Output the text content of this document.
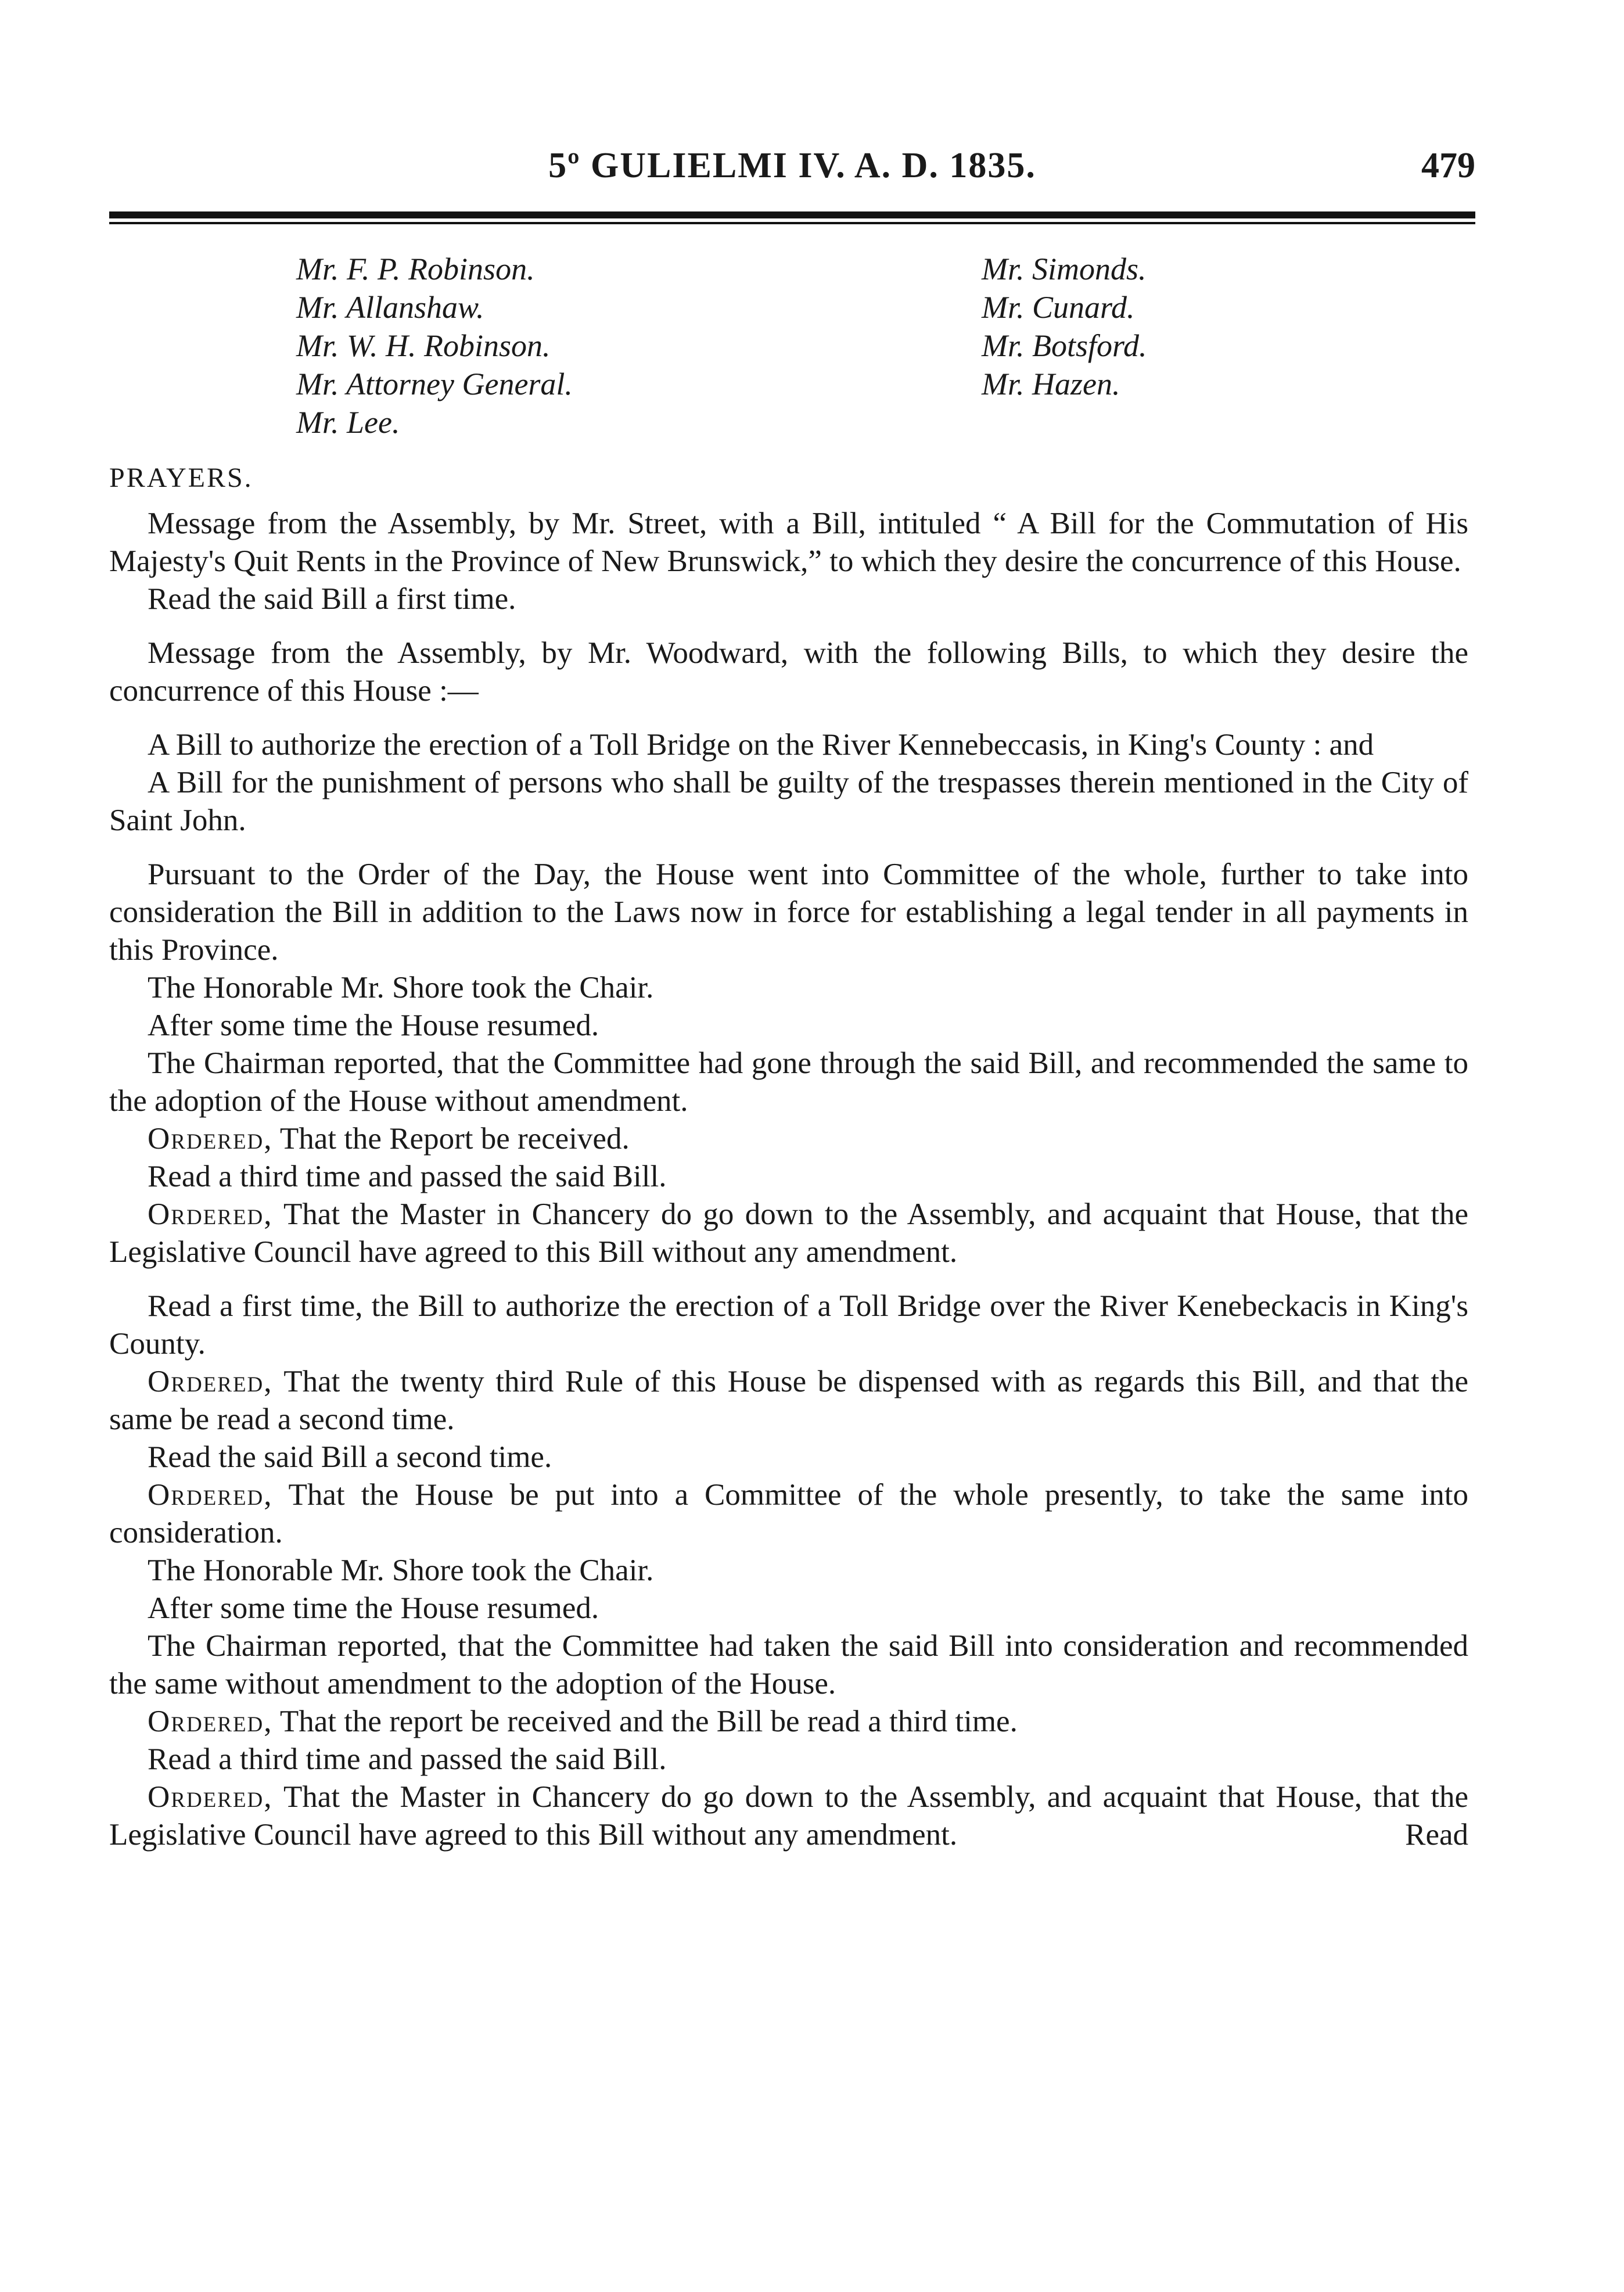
5º GULIELMI IV. A. D. 1835.	479
Mr. F. P. Robinson.
Mr. Allanshaw.
Mr. W. H. Robinson.
Mr. Attorney General.
Mr. Lee.
Mr. Simonds.
Mr. Cunard.
Mr. Botsford.
Mr. Hazen.

PRAYERS.

Message from the Assembly, by Mr. Street, with a Bill, intituled “ A Bill for the Commutation of His Majesty's Quit Rents in the Province of New Brunswick,” to which they desire the concurrence of this House.

Read the said Bill a first time.

Message from the Assembly, by Mr. Woodward, with the following Bills, to which they desire the concurrence of this House :—

A Bill to authorize the erection of a Toll Bridge on the River Kennebeccasis, in King's County : and

A Bill for the punishment of persons who shall be guilty of the trespasses therein mentioned in the City of Saint John.

Pursuant to the Order of the Day, the House went into Committee of the whole, further to take into consideration the Bill in addition to the Laws now in force for establishing a legal tender in all payments in this Province.

The Honorable Mr. Shore took the Chair.

After some time the House resumed.

The Chairman reported, that the Committee had gone through the said Bill, and recommended the same to the adoption of the House without amendment.

Ordered, That the Report be received.

Read a third time and passed the said Bill.

Ordered, That the Master in Chancery do go down to the Assembly, and acquaint that House, that the Legislative Council have agreed to this Bill without any amendment.

Read a first time, the Bill to authorize the erection of a Toll Bridge over the River Kenebeckacis in King's County.

Ordered, That the twenty third Rule of this House be dispensed with as regards this Bill, and that the same be read a second time.

Read the said Bill a second time.

Ordered, That the House be put into a Committee of the whole presently, to take the same into consideration.

The Honorable Mr. Shore took the Chair.

After some time the House resumed.

The Chairman reported, that the Committee had taken the said Bill into consideration and recommended the same without amendment to the adoption of the House.

Ordered, That the report be received and the Bill be read a third time.

Read a third time and passed the said Bill.

Ordered, That the Master in Chancery do go down to the Assembly, and acquaint that House, that the Legislative Council have agreed to this Bill without any amendment.	Read
